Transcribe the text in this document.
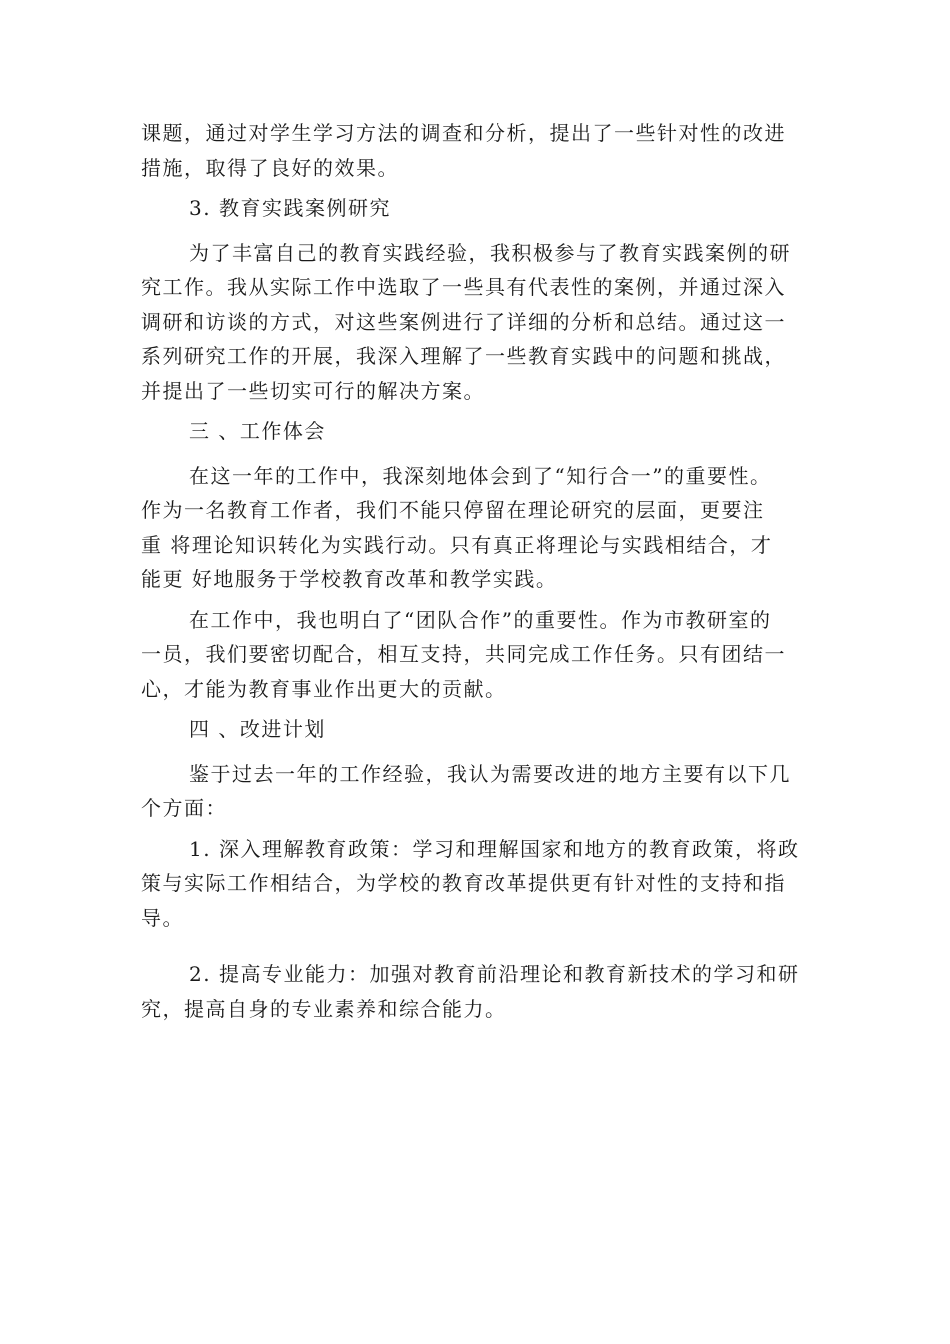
课题，通过对学生学习方法的调查和分析，提出了一些针对性的改进
措施，取得了良好的效果。

3. 教育实践案例研究

为了丰富自己的教育实践经验，我积极参与了教育实践案例的研
究工作。我从实际工作中选取了一些具有代表性的案例，并通过深入
调研和访谈的方式，对这些案例进行了详细的分析和总结。通过这一
系列研究工作的开展，我深入理解了一些教育实践中的问题和挑战，
并提出了一些切实可行的解决方案。

三 、工作体会

在这一年的工作中，我深刻地体会到了“知行合一”的重要性。
作为一名教育工作者，我们不能只停留在理论研究的层面，更要注
重 将理论知识转化为实践行动。只有真正将理论与实践相结合，才
能更 好地服务于学校教育改革和教学实践。

在工作中，我也明白了“团队合作”的重要性。作为市教研室的
一员，我们要密切配合，相互支持，共同完成工作任务。只有团结一
心，才能为教育事业作出更大的贡献。

四 、改进计划

鉴于过去一年的工作经验，我认为需要改进的地方主要有以下几
个方面：

1. 深入理解教育政策：学习和理解国家和地方的教育政策，将政
策与实际工作相结合，为学校的教育改革提供更有针对性的支持和指
导。

2. 提高专业能力：加强对教育前沿理论和教育新技术的学习和研
究，提高自身的专业素养和综合能力。
